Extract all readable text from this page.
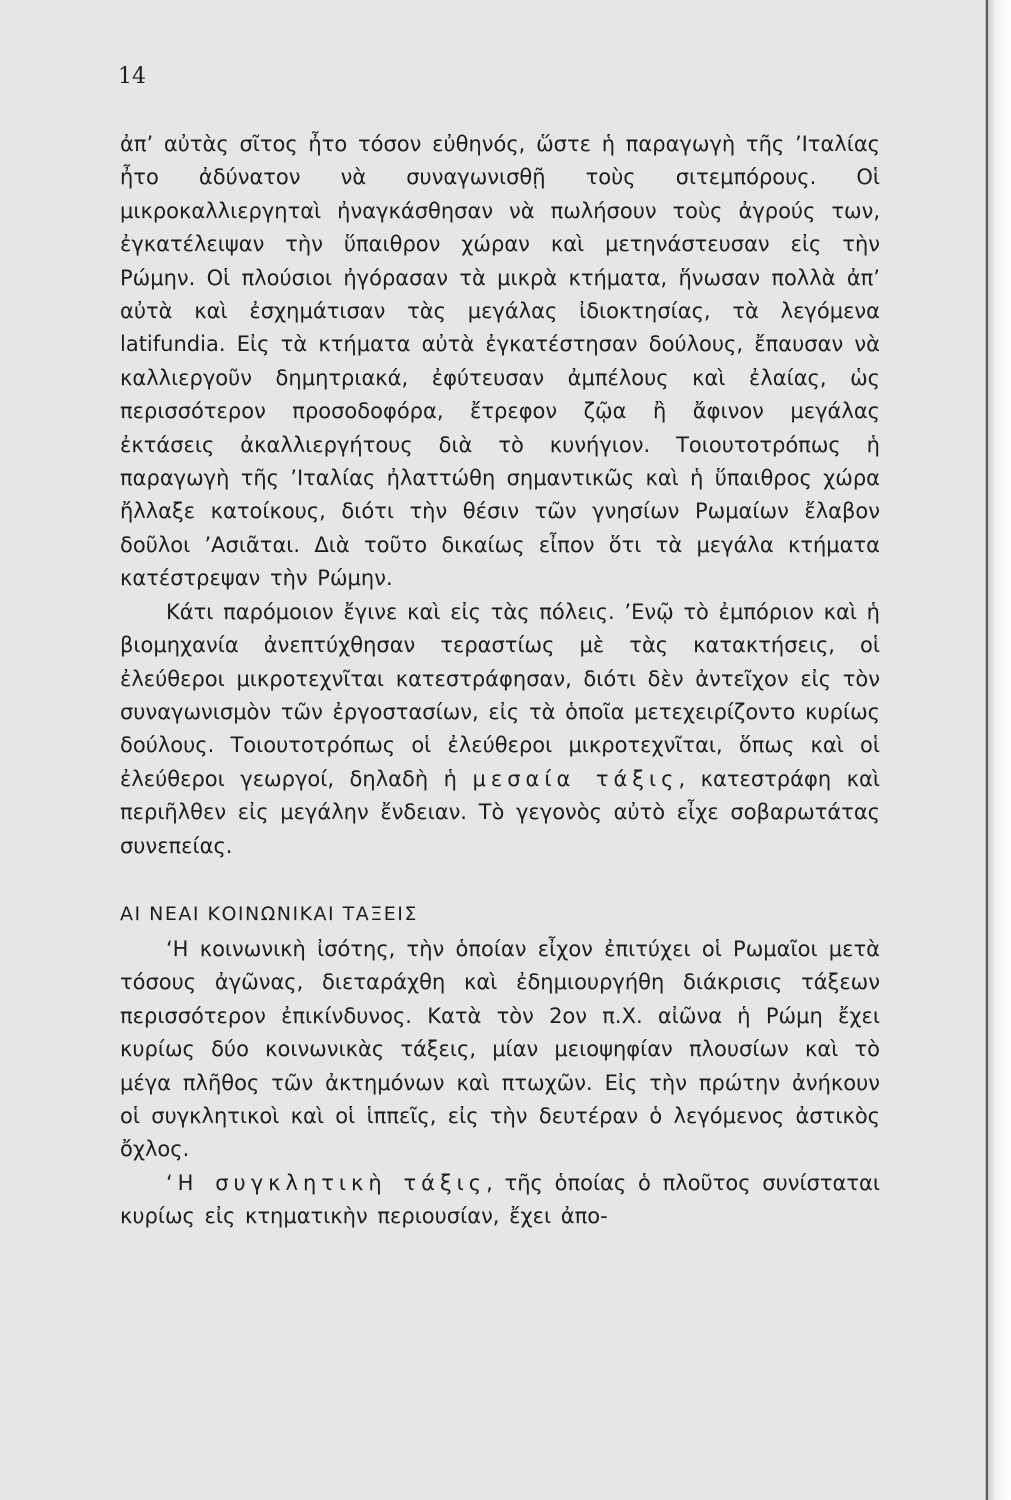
14

ἀπ’ αὐτὰς σῖτος ἦτο τόσον εὐθηνός, ὥστε ἡ παραγωγὴ τῆς ’Ιταλίας ἦτο ἀδύνατον νὰ συναγωνισθῇ τοὺς σιτεμπόρους. Οἱ μικροκαλλιεργηταὶ ἠναγκάσθησαν νὰ πωλήσουν τοὺς ἀγρούς των, ἐγκατέλειψαν τὴν ὕπαιθρον χώραν καὶ μετηνάστευσαν εἰς τὴν Ρώμην. Οἱ πλούσιοι ἠγόρασαν τὰ μικρὰ κτήματα, ἥνωσαν πολλὰ ἀπ’ αὐτὰ καὶ ἐσχημάτισαν τὰς μεγάλας ἰδιοκτησίας, τὰ λεγόμενα latifundia. Εἰς τὰ κτήματα αὐτὰ ἐγκατέστησαν δούλους, ἔπαυσαν νὰ καλλιεργοῦν δημητριακά, ἐφύτευσαν ἀμπέλους καὶ ἐλαίας, ὡς περισσότερον προσοδοφόρα, ἔτρεφον ζῷα ἢ ἄφινον μεγάλας ἐκτάσεις ἀκαλλιεργήτους διὰ τὸ κυνήγιον. Τοιουτοτρόπως ἡ παραγωγὴ τῆς ’Ιταλίας ἠλαττώθη σημαντικῶς καὶ ἡ ὕπαιθρος χώρα ἤλλαξε κατοίκους, διότι τὴν θέσιν τῶν γνησίων Ρωμαίων ἔλαβον δοῦλοι ’Ασιᾶται. Διὰ τοῦτο δικαίως εἶπον ὅτι τὰ μεγάλα κτήματα κατέστρεψαν τὴν Ρώμην.

Κάτι παρόμοιον ἔγινε καὶ εἰς τὰς πόλεις. ’Ενῷ τὸ ἐμπόριον καὶ ἡ βιομηχανία ἀνεπτύχθησαν τεραστίως μὲ τὰς κατακτήσεις, οἱ ἐλεύθεροι μικροτεχνῖται κατεστράφησαν, διότι δὲν ἀντεῖχον εἰς τὸν συναγωνισμὸν τῶν ἐργοστασίων, εἰς τὰ ὁποῖα μετεχειρίζοντο κυρίως δούλους. Τοιουτοτρόπως οἱ ἐλεύθεροι μικροτεχνῖται, ὅπως καὶ οἱ ἐλεύθεροι γεωργοί, δηλαδὴ ἡ μεσαία τάξις, κατεστράφη καὶ περιῆλθεν εἰς μεγάλην ἔνδειαν. Τὸ γεγονὸς αὐτὸ εἶχε σοβαρωτάτας συνεπείας.

ΑΙ ΝΕΑΙ ΚΟΙΝΩΝΙΚΑΙ ΤΑΞΕΙΣ

‘Η κοινωνικὴ ἰσότης, τὴν ὁποίαν εἶχον ἐπιτύχει οἱ Ρωμαῖοι μετὰ τόσους ἀγῶνας, διεταράχθη καὶ ἐδημιουργήθη διάκρισις τάξεων περισσότερον ἐπικίνδυνος. Κατὰ τὸν 2ον π.Χ. αἰῶνα ἡ Ρώμη ἔχει κυρίως δύο κοινωνικὰς τάξεις, μίαν μειοψηφίαν πλουσίων καὶ τὸ μέγα πλῆθος τῶν ἀκτημόνων καὶ πτωχῶν. Εἰς τὴν πρώτην ἀνήκουν οἱ συγκλητικοὶ καὶ οἱ ἱππεῖς, εἰς τὴν δευτέραν ὁ λεγόμενος ἀστικὸς ὄχλος.

‘Η συγκλητικὴ τάξις, τῆς ὁποίας ὁ πλοῦτος συνίσταται κυρίως εἰς κτηματικὴν περιουσίαν, ἔχει ἀπο-
